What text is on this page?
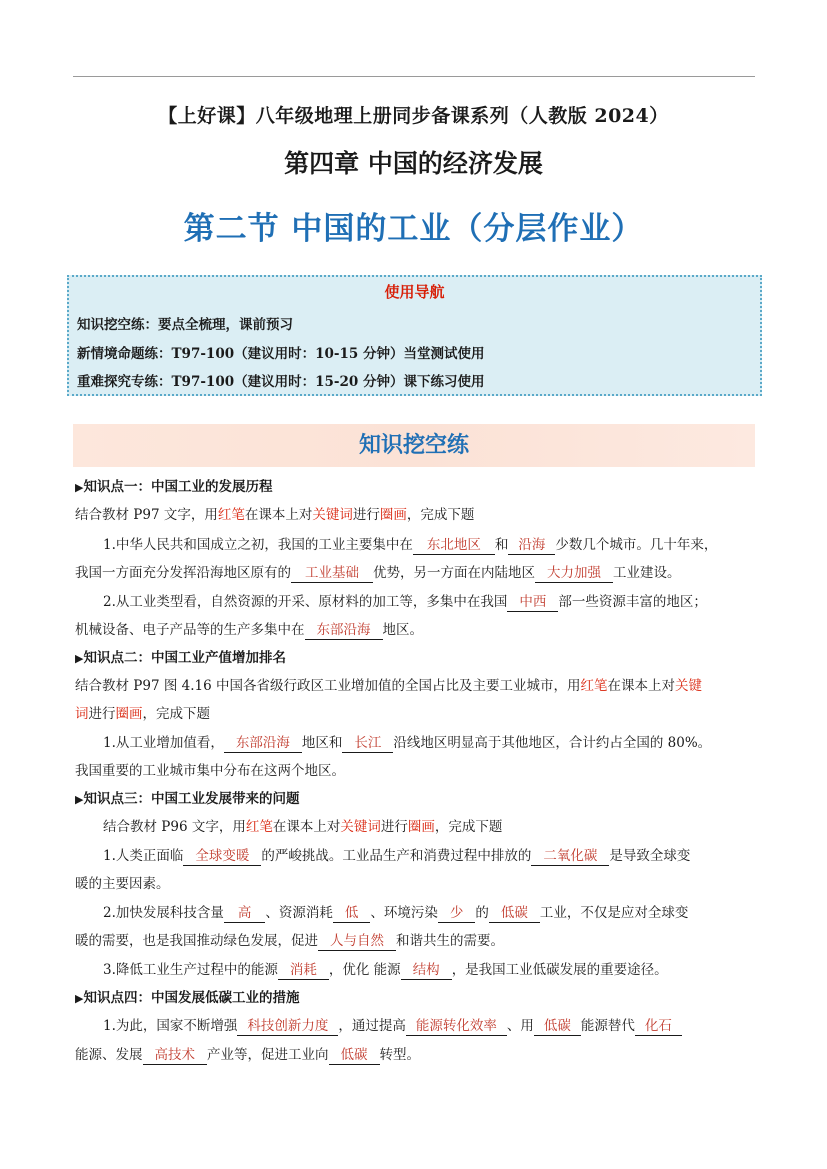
【上好课】八年级地理上册同步备课系列（人教版 2024）
第四章 中国的经济发展
第二节 中国的工业（分层作业）
使用导航
知识挖空练：要点全梳理，课前预习
新情境命题练：T97-100（建议用时：10-15 分钟）当堂测试使用
重难探究专练：T97-100（建议用时：15-20 分钟）课下练习使用
知识挖空练
▶知识点一：中国工业的发展历程
结合教材 P97 文字，用红笔在课本上对关键词进行圈画，完成下题
1.中华人民共和国成立之初，我国的工业主要集中在 东北地区 和 沿海 少数几个城市。几十年来，
我国一方面充分发挥沿海地区原有的 工业基础 优势，另一方面在内陆地区 大力加强 工业建设。
2.从工业类型看，自然资源的开采、原材料的加工等，多集中在我国 中西 部一些资源丰富的地区；
机械设备、电子产品等的生产多集中在 东部沿海 地区。
▶知识点二：中国工业产值增加排名
结合教材 P97 图 4.16 中国各省级行政区工业增加值的全国占比及主要工业城市，用红笔在课本上对关键
词进行圈画，完成下题
1.从工业增加值看， 东部沿海 地区和 长江 沿线地区明显高于其他地区，合计约占全国的 80%。
我国重要的工业城市集中分布在这两个地区。
▶知识点三：中国工业发展带来的问题
结合教材 P96 文字，用红笔在课本上对关键词进行圈画，完成下题
1.人类正面临 全球变暖 的严峻挑战。工业品生产和消费过程中排放的 二氧化碳 是导致全球变
暖的主要因素。
2.加快发展科技含量 高 、资源消耗 低 、环境污染 少 的 低碳 工业，不仅是应对全球变
暖的需要，也是我国推动绿色发展，促进 人与自然 和谐共生的需要。
3.降低工业生产过程中的能源 消耗 ，优化 能源 结构 ，是我国工业低碳发展的重要途径。
▶知识点四：中国发展低碳工业的措施
1.为此，国家不断增强 科技创新力度 ，通过提高 能源转化效率 、用 低碳 能源替代 化石
能源、发展 高技术 产业等，促进工业向 低碳 转型。
